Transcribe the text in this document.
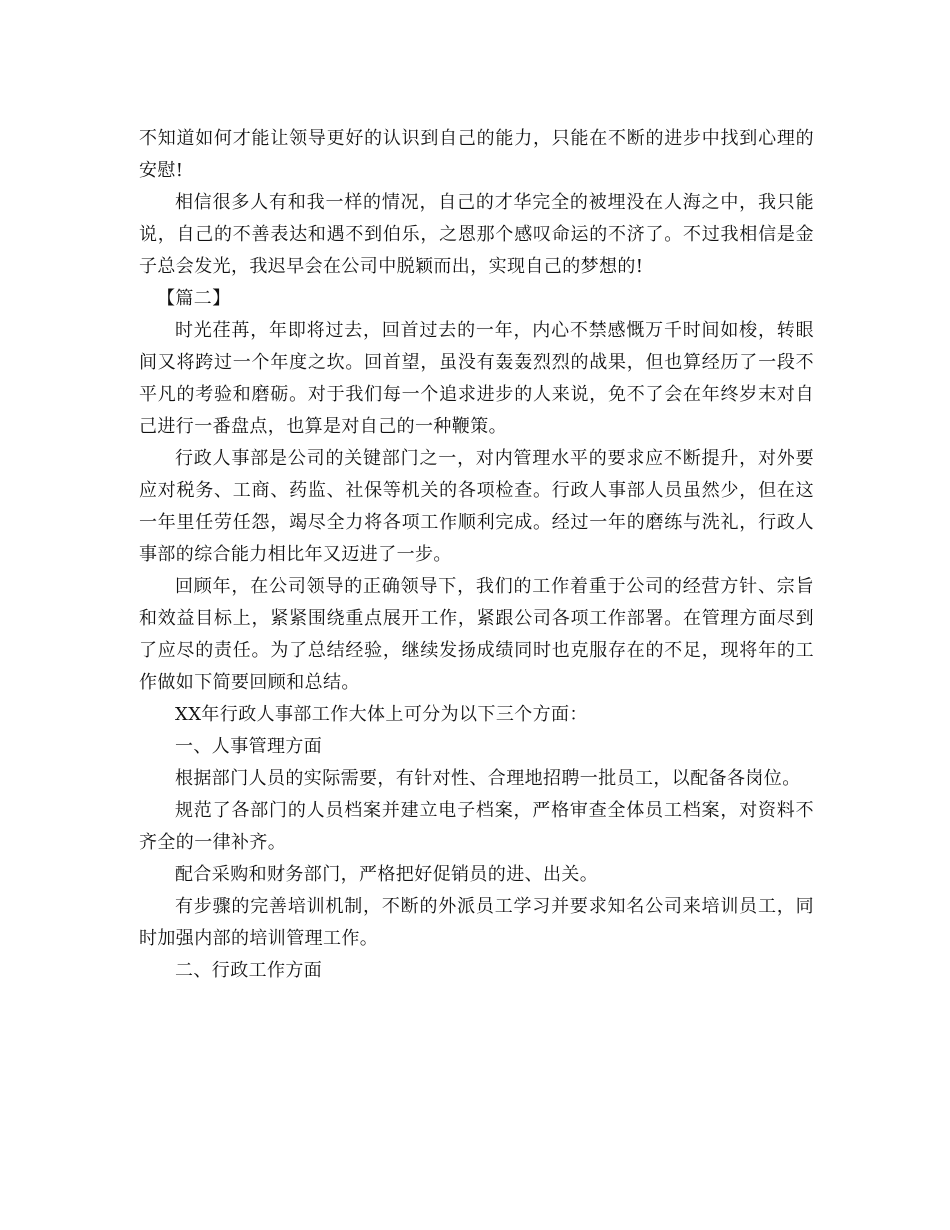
不知道如何才能让领导更好的认识到自己的能力，只能在不断的进步中找到心理的安慰!

相信很多人有和我一样的情况，自己的才华完全的被埋没在人海之中，我只能说，自己的不善表达和遇不到伯乐，之恩那个感叹命运的不济了。不过我相信是金子总会发光，我迟早会在公司中脱颖而出，实现自己的梦想的!

【篇二】

时光荏苒，年即将过去，回首过去的一年，内心不禁感慨万千时间如梭，转眼间又将跨过一个年度之坎。回首望，虽没有轰轰烈烈的战果，但也算经历了一段不平凡的考验和磨砺。对于我们每一个追求进步的人来说，免不了会在年终岁末对自己进行一番盘点，也算是对自己的一种鞭策。

行政人事部是公司的关键部门之一，对内管理水平的要求应不断提升，对外要应对税务、工商、药监、社保等机关的各项检查。行政人事部人员虽然少，但在这一年里任劳任怨，竭尽全力将各项工作顺利完成。经过一年的磨练与洗礼，行政人事部的综合能力相比年又迈进了一步。

回顾年，在公司领导的正确领导下，我们的工作着重于公司的经营方针、宗旨和效益目标上，紧紧围绕重点展开工作，紧跟公司各项工作部署。在管理方面尽到了应尽的责任。为了总结经验，继续发扬成绩同时也克服存在的不足，现将年的工作做如下简要回顾和总结。

XX年行政人事部工作大体上可分为以下三个方面：

一、人事管理方面

根据部门人员的实际需要，有针对性、合理地招聘一批员工，以配备各岗位。

规范了各部门的人员档案并建立电子档案，严格审查全体员工档案，对资料不齐全的一律补齐。

配合采购和财务部门，严格把好促销员的进、出关。

有步骤的完善培训机制，不断的外派员工学习并要求知名公司来培训员工，同时加强内部的培训管理工作。

二、行政工作方面
